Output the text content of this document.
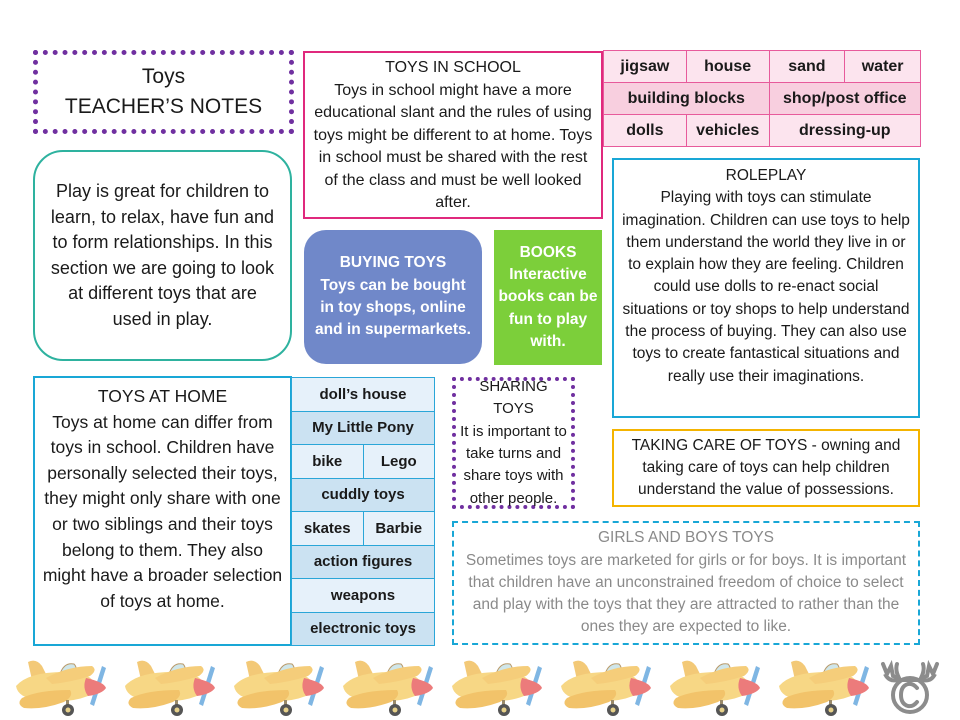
Toys
TEACHER’S NOTES

Play is great for children to learn, to relax, have fun and to form relationships. In this section we are going to look at different toys that are used in play.

TOYS IN SCHOOL

Toys in school might have a more educational slant and the rules of using toys might be different to at home. Toys in school must be shared with the rest of the class and must be well looked after.

jigsaw	house	sand	water
building blocks		shop/post office	
dolls	vehicles	dressing-up	

BUYING TOYS
Toys can be bought in toy shops, online and in supermarkets.

BOOKS
Interactive books can be fun to play with.

ROLEPLAY

Playing with toys can stimulate imagination. Children can use toys to help them understand the world they live in or to explain how they are feeling. Children could use dolls to re-enact social situations or toy shops to help understand the process of buying. They can also use toys to create fantastical situations and really use their imaginations.

TOYS AT HOME

Toys at home can differ from toys in school. Children have personally selected their toys, they might only share with one or two siblings and their toys belong to them. They also might have a broader selection of toys at home.

doll’s house	
My Little Pony	
bike	Lego
cuddly toys	
skates	Barbie
action figures	
weapons	
electronic toys	

SHARING TOYS
It is important to take turns and share toys with other people.

TAKING CARE OF TOYS - owning and taking care of toys can help children understand the value of possessions.

GIRLS AND BOYS TOYS
Sometimes toys are marketed for girls or for boys. It is important that children have an unconstrained freedom of choice to select and play with the toys that they are attracted to rather than the ones they are expected to like.
